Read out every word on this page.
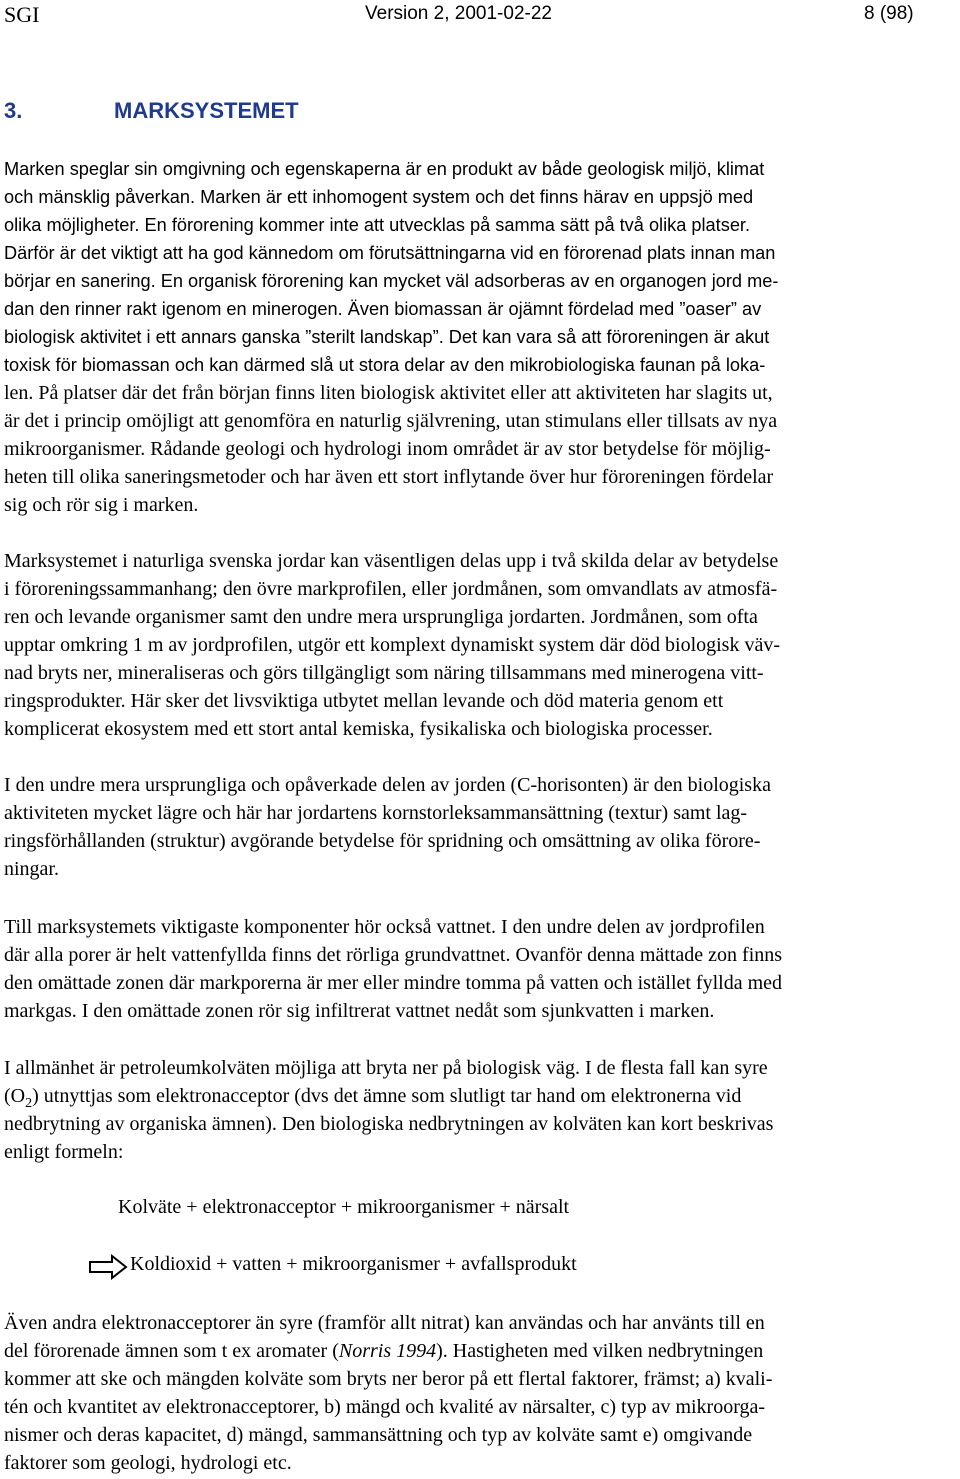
SGI	Version 2, 2001-02-22	8 (98)
3.	MARKSYSTEMET
Marken speglar sin omgivning och egenskaperna är en produkt av både geologisk miljö, klimat
och mänsklig påverkan. Marken är ett inhomogent system och det finns härav en uppsjö med
olika möjligheter. En förorening kommer inte att utvecklas på samma sätt på två olika platser.
Därför är det viktigt att ha god kännedom om förutsättningarna vid en förorenad plats innan man
börjar en sanering. En organisk förorening kan mycket väl adsorberas av en organogen jord me-
dan den rinner rakt igenom en minerogen. Även biomassan är ojämnt fördelad med ”oaser” av
biologisk aktivitet i ett annars ganska ”sterilt landskap”. Det kan vara så att föroreningen är akut
toxisk för biomassan och kan därmed slå ut stora delar av den mikrobiologiska faunan på loka-
len. På platser där det från början finns liten biologisk aktivitet eller att aktiviteten har slagits ut,
är det i princip omöjligt att genomföra en naturlig självrening, utan stimulans eller tillsats av nya
mikroorganismer. Rådande geologi och hydrologi inom området är av stor betydelse för möjlig-
heten till olika saneringsmetoder och har även ett stort inflytande över hur föroreningen fördelar
sig och rör sig i marken.
Marksystemet i naturliga svenska jordar kan väsentligen delas upp i två skilda delar av betydelse
i föroreningssammanhang; den övre markprofilen, eller jordmånen, som omvandlats av atmosfä-
ren och levande organismer samt den undre mera ursprungliga jordarten. Jordmånen, som ofta
upptar omkring 1 m av jordprofilen, utgör ett komplext dynamiskt system där död biologisk väv-
nad bryts ner, mineraliseras och görs tillgängligt som näring tillsammans med minerogena vitt-
ringsprodukter. Här sker det livsviktiga utbytet mellan levande och död materia genom ett
komplicerat ekosystem med ett stort antal kemiska, fysikaliska och biologiska processer.
I den undre mera ursprungliga och opåverkade delen av jorden (C-horisonten) är den biologiska
aktiviteten mycket lägre och här har jordartens kornstorleksammansättning (textur) samt lag-
ringsförhållanden (struktur) avgörande betydelse för spridning och omsättning av olika förore-
ningar.
Till marksystemets viktigaste komponenter hör också vattnet. I den undre delen av jordprofilen
där alla porer är helt vattenfyllda finns det rörliga grundvattnet. Ovanför denna mättade zon finns
den omättade zonen där markporerna är mer eller mindre tomma på vatten och istället fyllda med
markgas. I den omättade zonen rör sig infiltrerat vattnet nedåt som sjunkvatten i marken.
I allmänhet är petroleumkolväten möjliga att bryta ner på biologisk väg. I de flesta fall kan syre
$(O_2)$ utnyttjas som elektronacceptor (dvs det ämne som slutligt tar hand om elektronerna vid
nedbrytning av organiska ämnen). Den biologiska nedbrytningen av kolväten kan kort beskrivas
enligt formeln:
Kolväte + elektronacceptor + mikroorganismer + närsalt
Koldioxid + vatten + mikroorganismer + avfallsprodukt
Även andra elektronacceptorer än syre (framför allt nitrat) kan användas och har använts till en
del förorenade ämnen som t ex aromater (Norris 1994). Hastigheten med vilken nedbrytningen
kommer att ske och mängden kolväte som bryts ner beror på ett flertal faktorer, främst; a) kvali-
tén och kvantitet av elektronacceptorer, b) mängd och kvalité av närsalter, c) typ av mikroorga-
nismer och deras kapacitet, d) mängd, sammansättning och typ av kolväte samt e) omgivande
faktorer som geologi, hydrologi etc.
